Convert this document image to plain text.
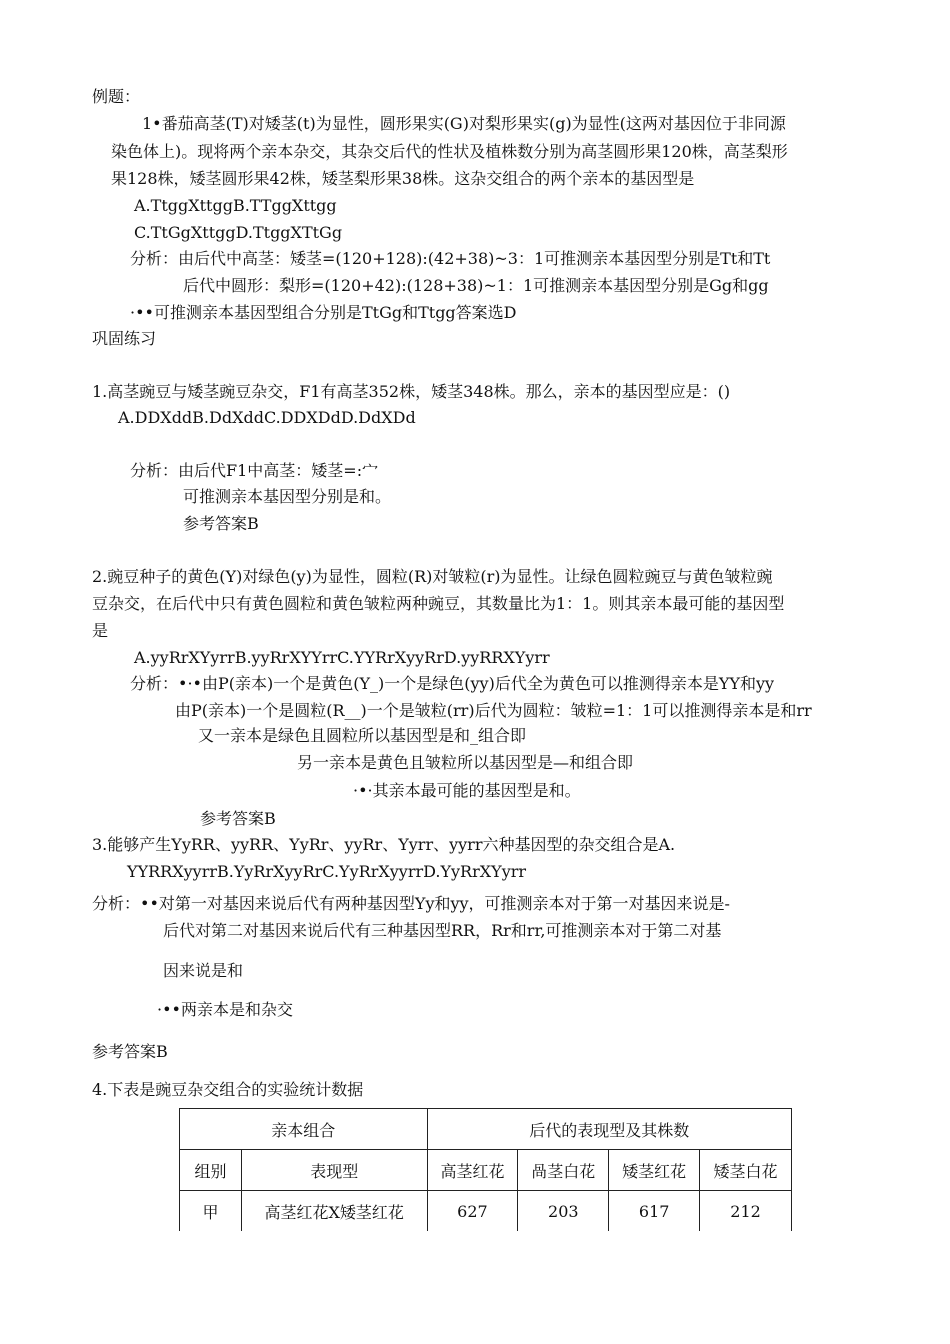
例题：
1•番茄高茎(T)对矮茎(t)为显性，圆形果实(G)对梨形果实(g)为显性(这两对基因位于非同源
染色体上)。现将两个亲本杂交，其杂交后代的性状及植株数分别为高茎圆形果120株，高茎梨形
果128株，矮茎圆形果42株，矮茎梨形果38株。这杂交组合的两个亲本的基因型是
A.TtggXttggB.TTggXttgg
C.TtGgXttggD.TtggXTtGg
分析：由后代中高茎：矮茎=(120+128):(42+38)~3：1可推测亲本基因型分别是Tt和Tt
后代中圆形：梨形=(120+42):(128+38)~1：1可推测亲本基因型分别是Gg和gg
·••可推测亲本基因型组合分别是TtGg和Ttgg答案选D
巩固练习
1.高茎豌豆与矮茎豌豆杂交，F1有高茎352株，矮茎348株。那么，亲本的基因型应是：()
A.DDXddB.DdXddC.DDXDdD.DdXDd
分析：由后代F1中高茎：矮茎=:宀
可推测亲本基因型分别是和。
参考答案B
2.豌豆种子的黄色(Y)对绿色(y)为显性，圆粒(R)对皱粒(r)为显性。让绿色圆粒豌豆与黄色皱粒豌
豆杂交，在后代中只有黄色圆粒和黄色皱粒两种豌豆，其数量比为1：1。则其亲本最可能的基因型
是
A.yyRrXYyrrB.yyRrXYYrrC.YYRrXyyRrD.yyRRXYyrr
分析：•·•由P(亲本)一个是黄色(Y_)一个是绿色(yy)后代全为黄色可以推测得亲本是YY和yy
由P(亲本)一个是圆粒(R__)一个是皱粒(rr)后代为圆粒：皱粒=1：1可以推测得亲本是和rr
又一亲本是绿色且圆粒所以基因型是和_组合即
另一亲本是黄色且皱粒所以基因型是—和组合即
·•·其亲本最可能的基因型是和。
参考答案B
3.能够产生YyRR、yyRR、YyRr、yyRr、Yyrr、yyrr六种基因型的杂交组合是A.
YYRRXyyrrB.YyRrXyyRrC.YyRrXyyrrD.YyRrXYyrr
分析：••对第一对基因来说后代有两种基因型Yy和yy，可推测亲本对于第一对基因来说是-
后代对第二对基因来说后代有三种基因型RR，Rr和rr,可推测亲本对于第二对基
因来说是和
·••两亲本是和杂交
参考答案B
4.下表是豌豆杂交组合的实验统计数据
亲本组合		后代的表现型及其株数			
组别	表现型	高茎红花	咼茎白花	矮茎红花	矮茎白花
甲	高茎红花X矮茎红花	627	203	617	212
